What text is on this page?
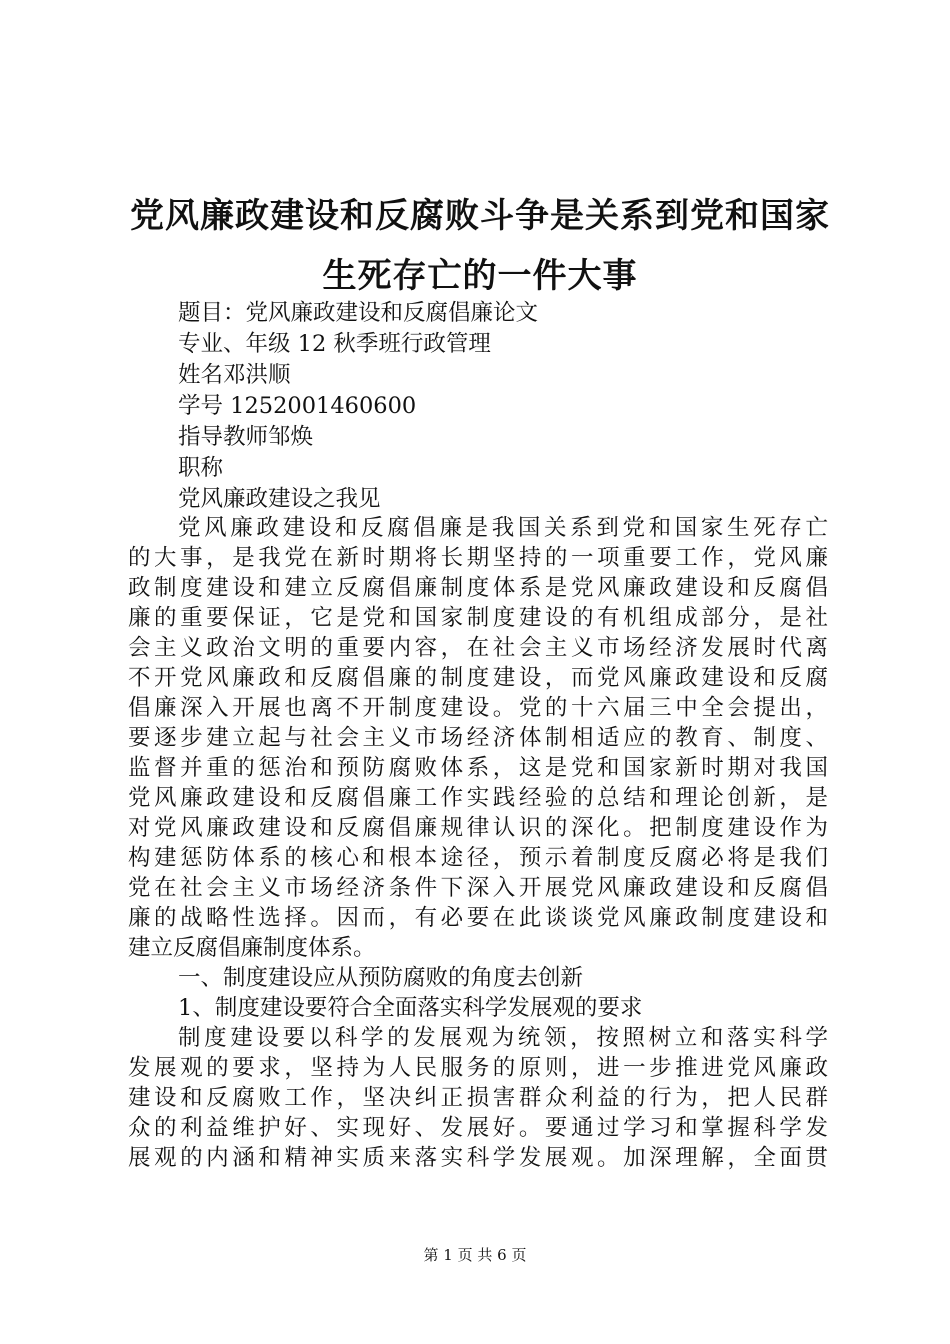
党风廉政建设和反腐败斗争是关系到党和国家
生死存亡的一件大事
题目：党风廉政建设和反腐倡廉论文
专业、年级 12 秋季班行政管理
姓名邓洪顺
学号 1252001460600
指导教师邹焕
职称
党风廉政建设之我见
党风廉政建设和反腐倡廉是我国关系到党和国家生死存亡
的大事，是我党在新时期将长期坚持的一项重要工作，党风廉
政制度建设和建立反腐倡廉制度体系是党风廉政建设和反腐倡
廉的重要保证，它是党和国家制度建设的有机组成部分，是社
会主义政治文明的重要内容，在社会主义市场经济发展时代离
不开党风廉政和反腐倡廉的制度建设，而党风廉政建设和反腐
倡廉深入开展也离不开制度建设。党的十六届三中全会提出，
要逐步建立起与社会主义市场经济体制相适应的教育、制度、
监督并重的惩治和预防腐败体系，这是党和国家新时期对我国
党风廉政建设和反腐倡廉工作实践经验的总结和理论创新，是
对党风廉政建设和反腐倡廉规律认识的深化。把制度建设作为
构建惩防体系的核心和根本途径，预示着制度反腐必将是我们
党在社会主义市场经济条件下深入开展党风廉政建设和反腐倡
廉的战略性选择。因而，有必要在此谈谈党风廉政制度建设和
建立反腐倡廉制度体系。
一、制度建设应从预防腐败的角度去创新
1、制度建设要符合全面落实科学发展观的要求
制度建设要以科学的发展观为统领，按照树立和落实科学
发展观的要求，坚持为人民服务的原则，进一步推进党风廉政
建设和反腐败工作，坚决纠正损害群众利益的行为，把人民群
众的利益维护好、实现好、发展好。要通过学习和掌握科学发
展观的内涵和精神实质来落实科学发展观。加深理解，全面贯
第 1 页 共 6 页
